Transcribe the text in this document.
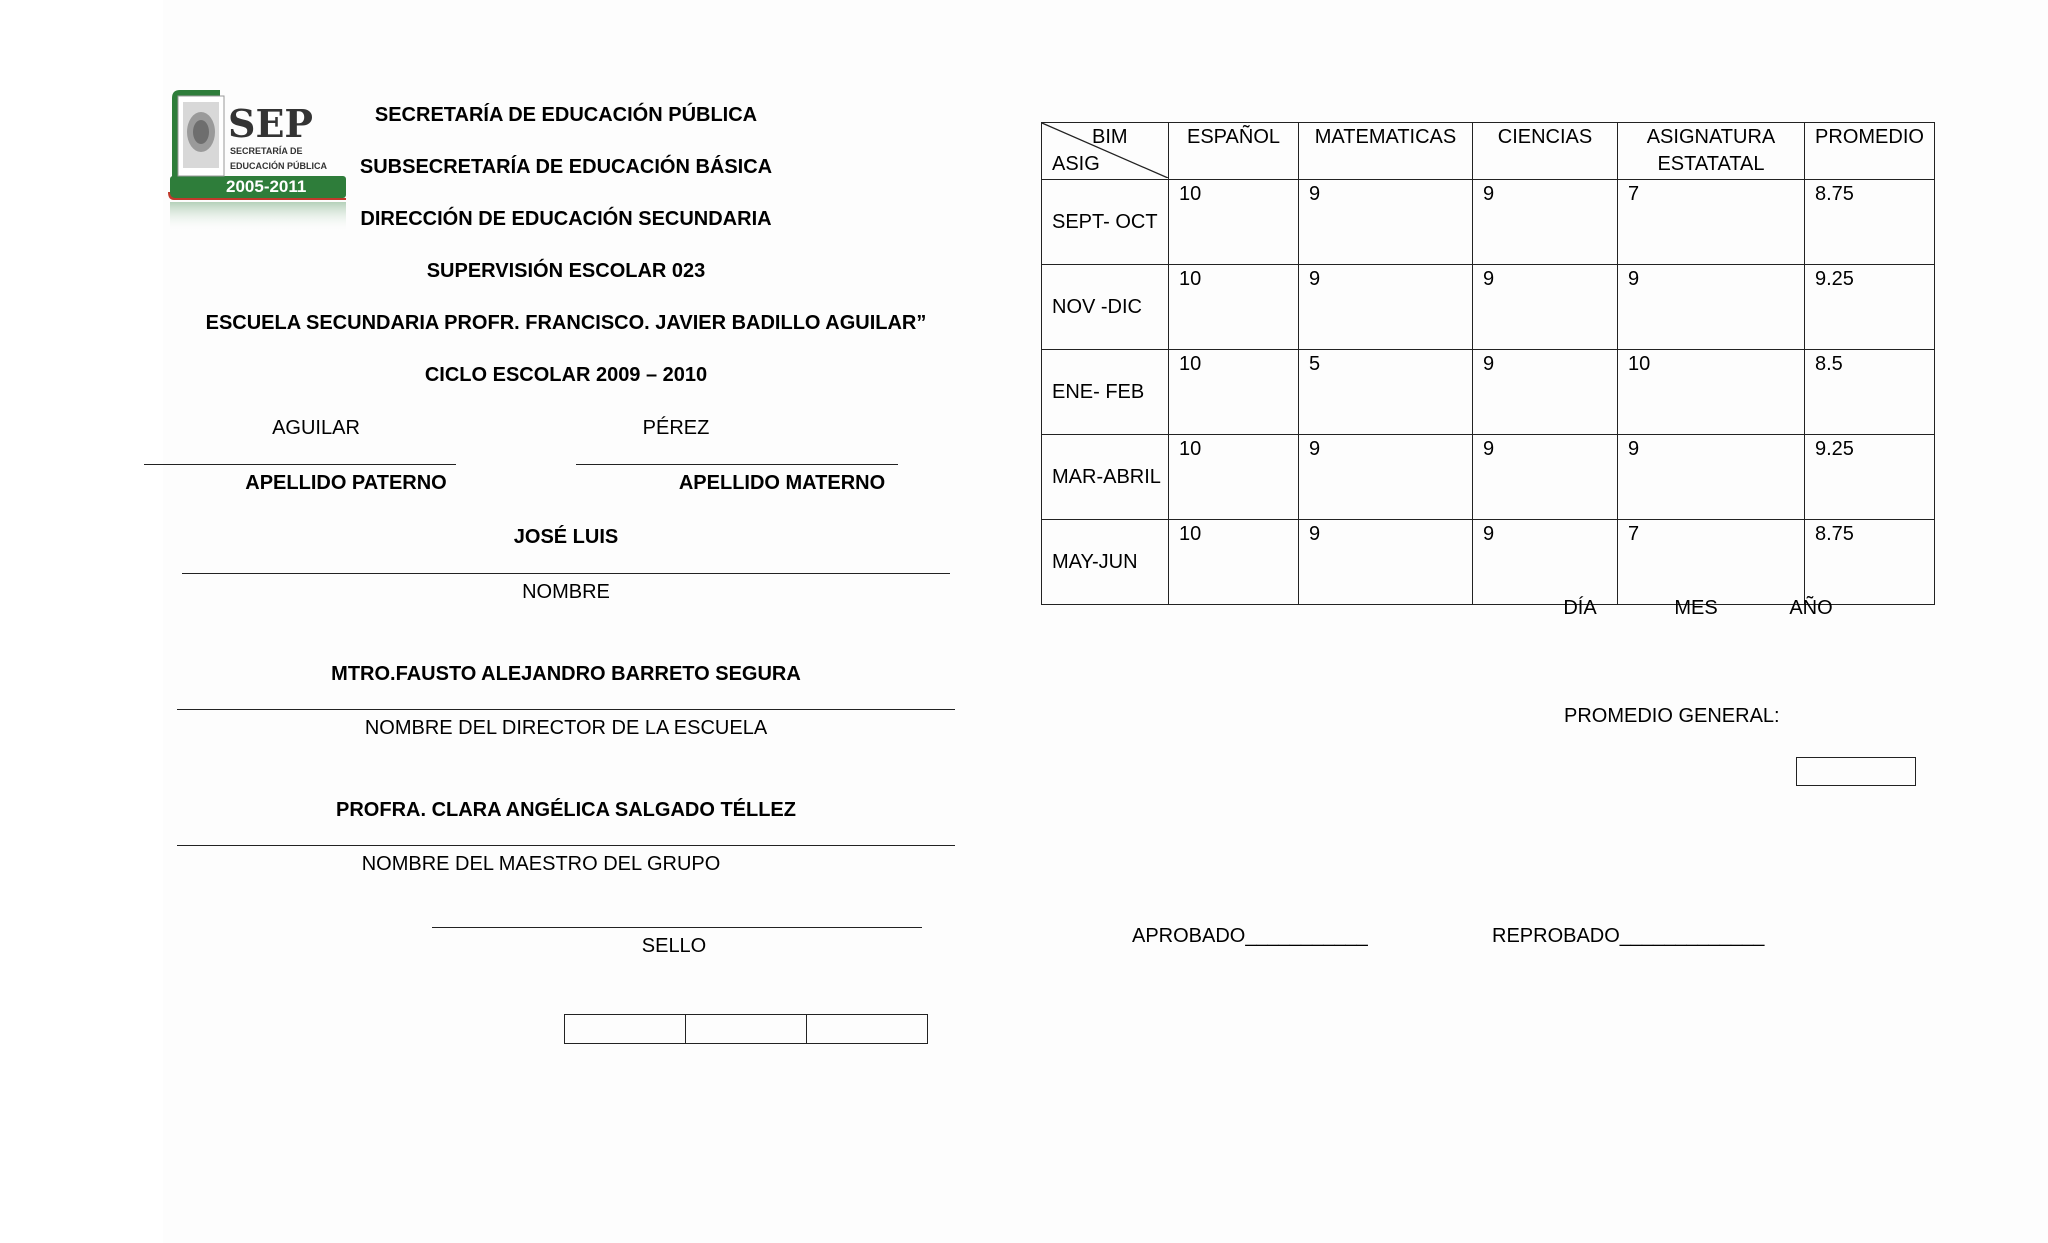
SEP
SECRETARÍA DE
EDUCACIÓN PÚBLICA
2005-2011
SECRETARÍA DE EDUCACIÓN PÚBLICA
SUBSECRETARÍA DE EDUCACIÓN BÁSICA
DIRECCIÓN DE EDUCACIÓN SECUNDARIA
SUPERVISIÓN ESCOLAR 023
ESCUELA SECUNDARIA PROFR. FRANCISCO. JAVIER BADILLO AGUILAR”
CICLO ESCOLAR 2009 – 2010
AGUILAR	PÉREZ
APELLIDO PATERNO	APELLIDO MATERNO
JOSÉ LUIS
NOMBRE
MTRO.FAUSTO ALEJANDRO BARRETO SEGURA
NOMBRE DEL DIRECTOR DE LA ESCUELA
PROFRA. CLARA ANGÉLICA SALGADO TÉLLEZ
NOMBRE DEL MAESTRO DEL GRUPO
SELLO
BIM
ASIG	ESPAÑOL	MATEMATICAS	CIENCIAS	ASIGNATURA ESTATATAL	PROMEDIO

SEPT- OCT	10	9	9	7	8.75

NOV -DIC	10	9	9	9	9.25

ENE- FEB	10	5	9	10	8.5

MAR-ABRIL	10	9	9	9	9.25

MAY-JUN	10	9	9	7	8.75
DÍA	MES	AÑO
PROMEDIO GENERAL:
APROBADO___________	REPROBADO_____________
